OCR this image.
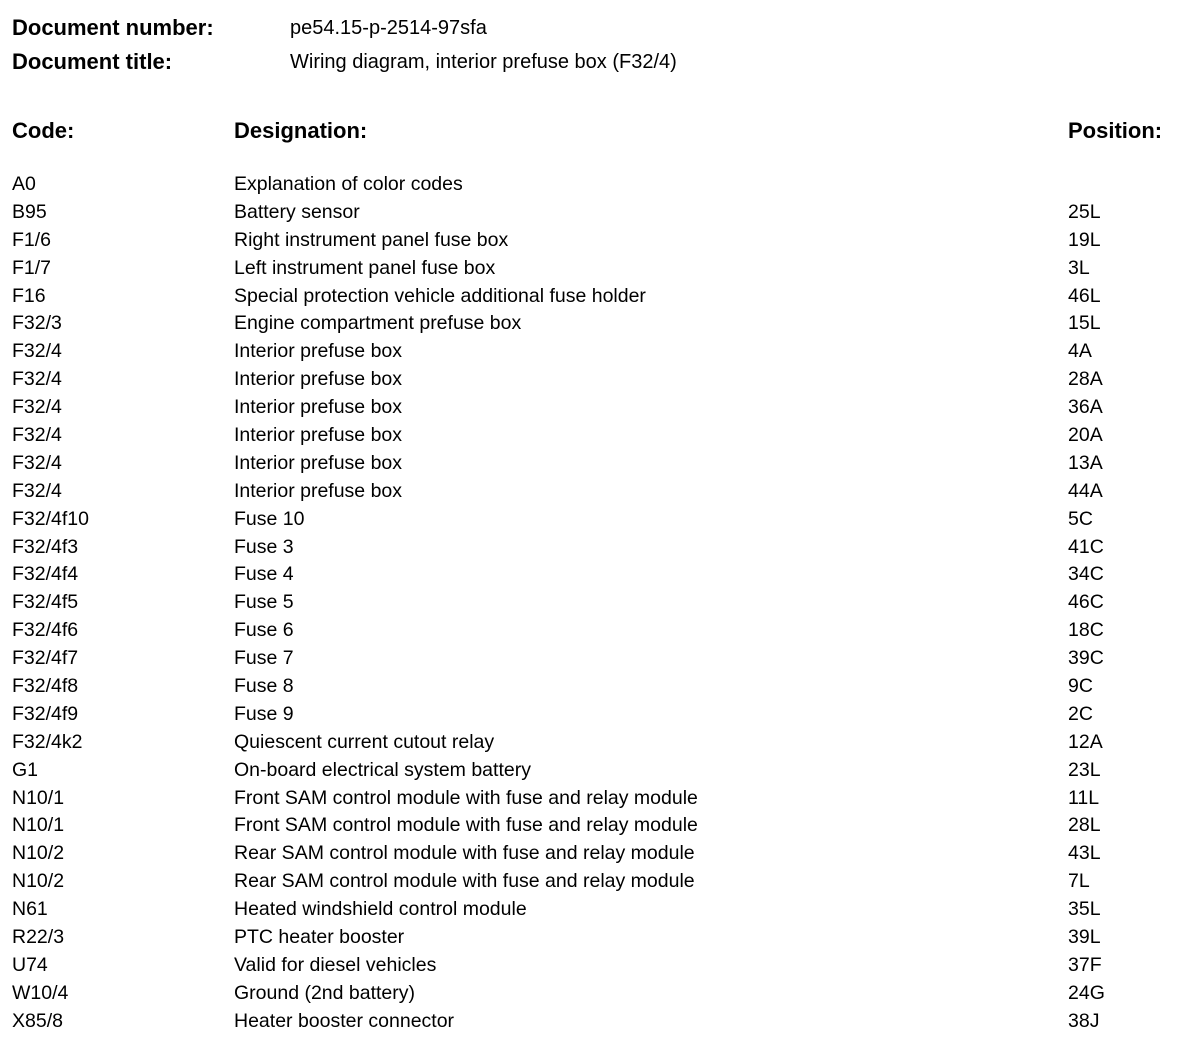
Document number:	pe54.15-p-2514-97sfa
Document title:	Wiring diagram, interior prefuse box (F32/4)
Code:	Designation:	Position:
A0	Explanation of color codes
B95	Battery sensor	25L
F1/6	Right instrument panel fuse box	19L
F1/7	Left instrument panel fuse box	3L
F16	Special protection vehicle additional fuse holder	46L
F32/3	Engine compartment prefuse box	15L
F32/4	Interior prefuse box	4A
F32/4	Interior prefuse box	28A
F32/4	Interior prefuse box	36A
F32/4	Interior prefuse box	20A
F32/4	Interior prefuse box	13A
F32/4	Interior prefuse box	44A
F32/4f10	Fuse 10	5C
F32/4f3	Fuse 3	41C
F32/4f4	Fuse 4	34C
F32/4f5	Fuse 5	46C
F32/4f6	Fuse 6	18C
F32/4f7	Fuse 7	39C
F32/4f8	Fuse 8	9C
F32/4f9	Fuse 9	2C
F32/4k2	Quiescent current cutout relay	12A
G1	On-board electrical system battery	23L
N10/1	Front SAM control module with fuse and relay module	11L
N10/1	Front SAM control module with fuse and relay module	28L
N10/2	Rear SAM control module with fuse and relay module	43L
N10/2	Rear SAM control module with fuse and relay module	7L
N61	Heated windshield control module	35L
R22/3	PTC heater booster	39L
U74	Valid for diesel vehicles	37F
W10/4	Ground (2nd battery)	24G
X85/8	Heater booster connector	38J
